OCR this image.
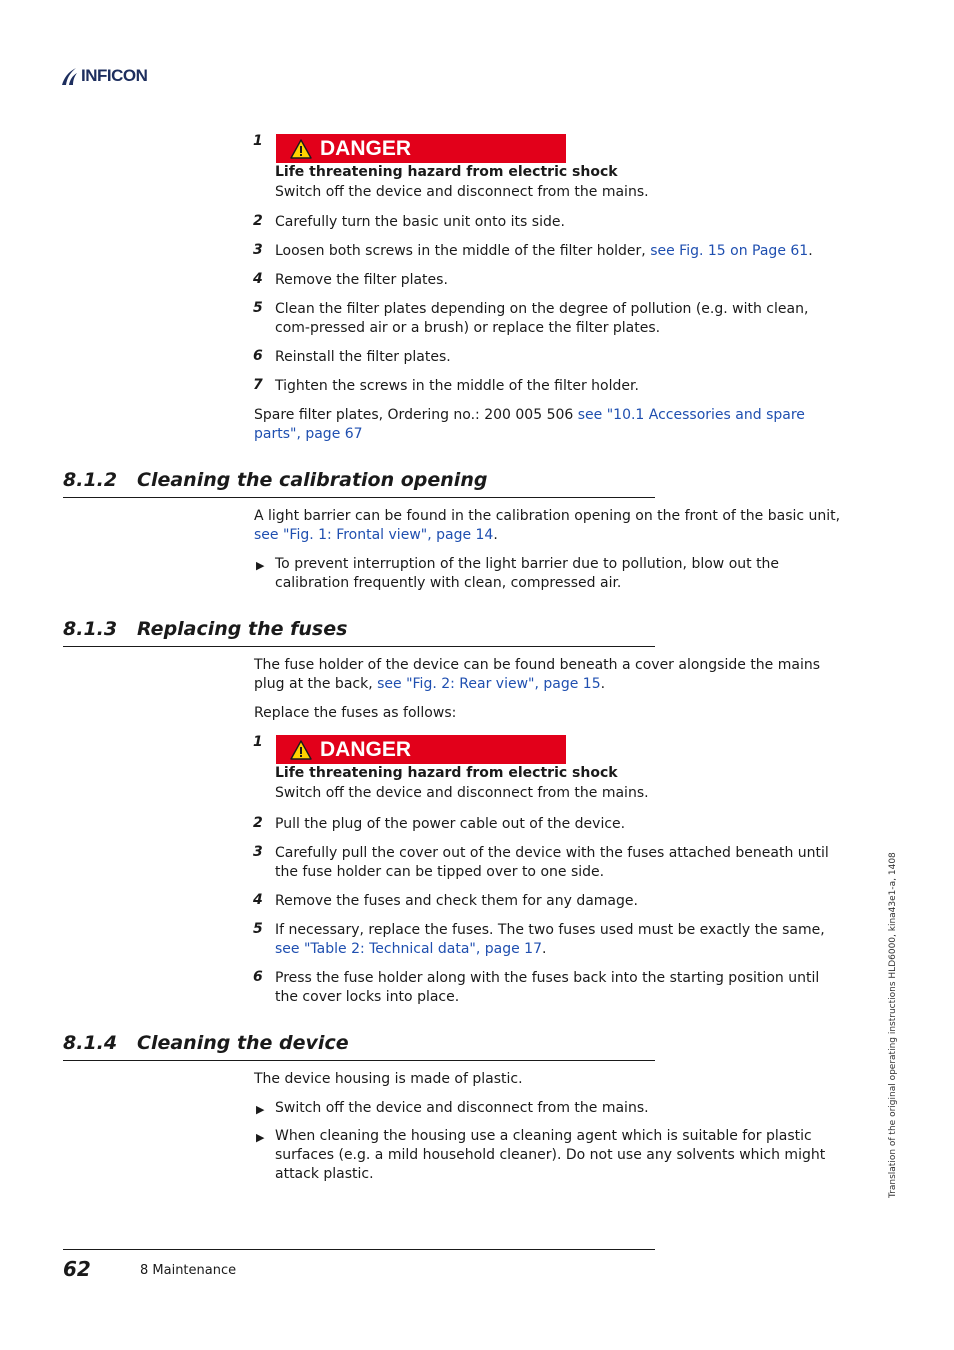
INFICON
1	DANGER
Life threatening hazard from electric shock
Switch off the device and disconnect from the mains.
2 Carefully turn the basic unit onto its side.
3 Loosen both screws in the middle of the filter holder, see Fig. 15 on Page 61.
4 Remove the filter plates.
5 Clean the filter plates depending on the degree of pollution (e.g. with clean, com-pressed air or a brush) or replace the filter plates.
6 Reinstall the filter plates.
7 Tighten the screws in the middle of the filter holder.
Spare filter plates, Ordering no.: 200 005 506 see "10.1 Accessories and spare parts", page 67
8.1.2 Cleaning the calibration opening
A light barrier can be found in the calibration opening on the front of the basic unit, see "Fig. 1: Frontal view", page 14.
▶ To prevent interruption of the light barrier due to pollution, blow out the calibration frequently with clean, compressed air.
8.1.3 Replacing the fuses
The fuse holder of the device can be found beneath a cover alongside the mains plug at the back, see "Fig. 2: Rear view", page 15.
Replace the fuses as follows:
1	DANGER
Life threatening hazard from electric shock
Switch off the device and disconnect from the mains.
2 Pull the plug of the power cable out of the device.
3 Carefully pull the cover out of the device with the fuses attached beneath until the fuse holder can be tipped over to one side.
4 Remove the fuses and check them for any damage.
5 If necessary, replace the fuses. The two fuses used must be exactly the same, see "Table 2: Technical data", page 17.
6 Press the fuse holder along with the fuses back into the starting position until the cover locks into place.
8.1.4 Cleaning the device
The device housing is made of plastic.
▶ Switch off the device and disconnect from the mains.
▶ When cleaning the housing use a cleaning agent which is suitable for plastic surfaces (e.g. a mild household cleaner). Do not use any solvents which might attack plastic.
62	8 Maintenance
Translation of the original operating instructions HLD6000, kina43e1-a, 1408
